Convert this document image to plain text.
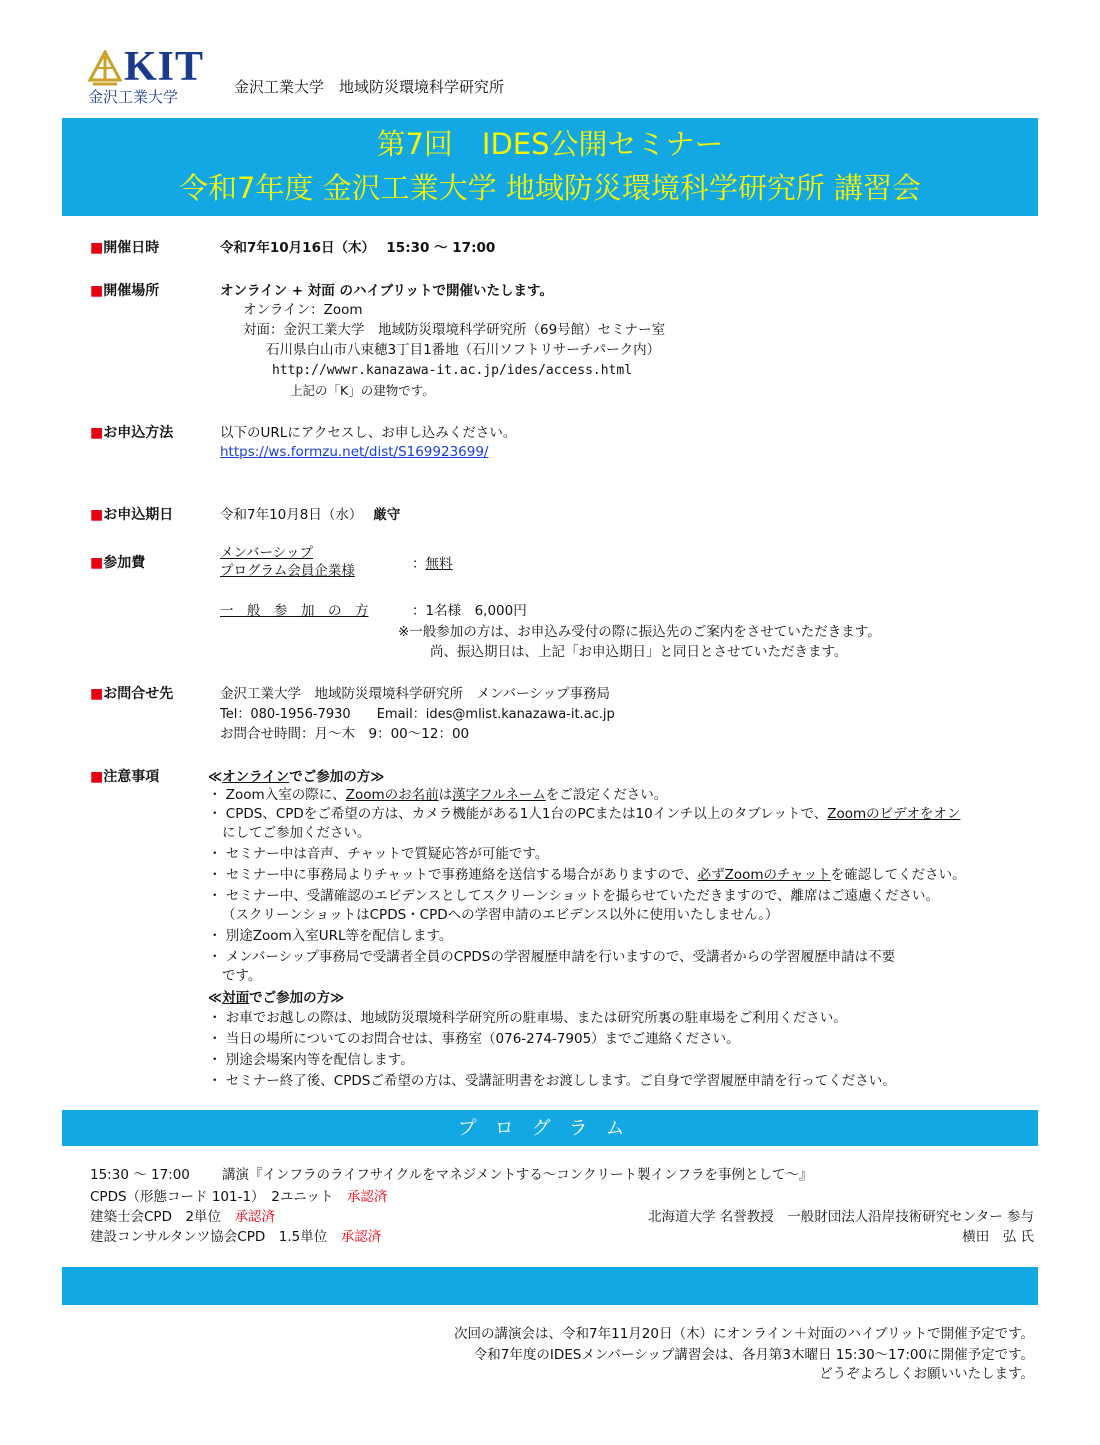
KIT
金沢工業大学
金沢工業大学　地域防災環境科学研究所
第7回　IDES公開セミナー
令和7年度 金沢工業大学 地域防災環境科学研究所 講習会
■開催日時	令和7年10月16日（木）　 15:30 ～ 17:00
■開催場所	オンライン + 対面 のハイブリットで開催いたします。
オンライン：Zoom
対面：金沢工業大学　地域防災環境科学研究所（69号館）セミナー室
石川県白山市八束穂3丁目1番地（石川ソフトリサーチパーク内）
http://wwwr.kanazawa-it.ac.jp/ides/access.html
上記の「K」の建物です。
■お申込方法	以下のURLにアクセスし、お申し込みください。
https://ws.formzu.net/dist/S169923699/
■お申込期日	令和7年10月8日（水）　 厳守
■参加費
メンバーシップ
プログラム会員企業様	：無料
一　般　参　加　の　方	：1名様　6,000円
※一般参加の方は、お申込み受付の際に振込先のご案内をさせていただきます。
尚、振込期日は、上記「お申込期日」と同日とさせていただきます。
■お問合せ先	金沢工業大学　地域防災環境科学研究所　メンバーシップ事務局
Tel：080-1956-7930　　Email：ides@mlist.kanazawa-it.ac.jp
お問合せ時間：月～木　9：00～12：00
■注意事項	≪オンラインでご参加の方≫
・ Zoom入室の際に、Zoomのお名前は漢字フルネームをご設定ください。
・ CPDS、CPDをご希望の方は、カメラ機能がある1人1台のPCまたは10インチ以上のタブレットで、Zoomのビデオをオン
にしてご参加ください。
・ セミナー中は音声、チャットで質疑応答が可能です。
・ セミナー中に事務局よりチャットで事務連絡を送信する場合がありますので、必ずZoomのチャットを確認してください。
・ セミナー中、受講確認のエビデンスとしてスクリーンショットを撮らせていただきますので、離席はご遠慮ください。
（スクリーンショットはCPDS・CPDへの学習申請のエビデンス以外に使用いたしません。）
・ 別途Zoom入室URL等を配信します。
・ メンバーシップ事務局で受講者全員のCPDSの学習履歴申請を行いますので、受講者からの学習履歴申請は不要
です。
≪対面でご参加の方≫
・ お車でお越しの際は、地域防災環境科学研究所の駐車場、または研究所裏の駐車場をご利用ください。
・ 当日の場所についてのお問合せは、事務室（076-274-7905）までご連絡ください。
・ 別途会場案内等を配信します。
・ セミナー終了後、CPDSご希望の方は、受講証明書をお渡しします。ご自身で学習履歴申請を行ってください。
プログラム
15:30 ～ 17:00 講演『インフラのライフサイクルをマネジメントする～コンクリート製インフラを事例として～』
CPDS（形態コード 101-1）　2ユニット　 承認済
建築士会CPD　2単位　 承認済
建設コンサルタンツ協会CPD　1.5単位　 承認済
北海道大学 名誉教授　一般財団法人沿岸技術研究センター 参与
横田　弘 氏
次回の講演会は、令和7年11月20日（木）にオンライン＋対面のハイブリットで開催予定です。
令和7年度のIDESメンバーシップ講習会は、各月第3木曜日 15:30～17:00に開催予定です。
どうぞよろしくお願いいたします。
